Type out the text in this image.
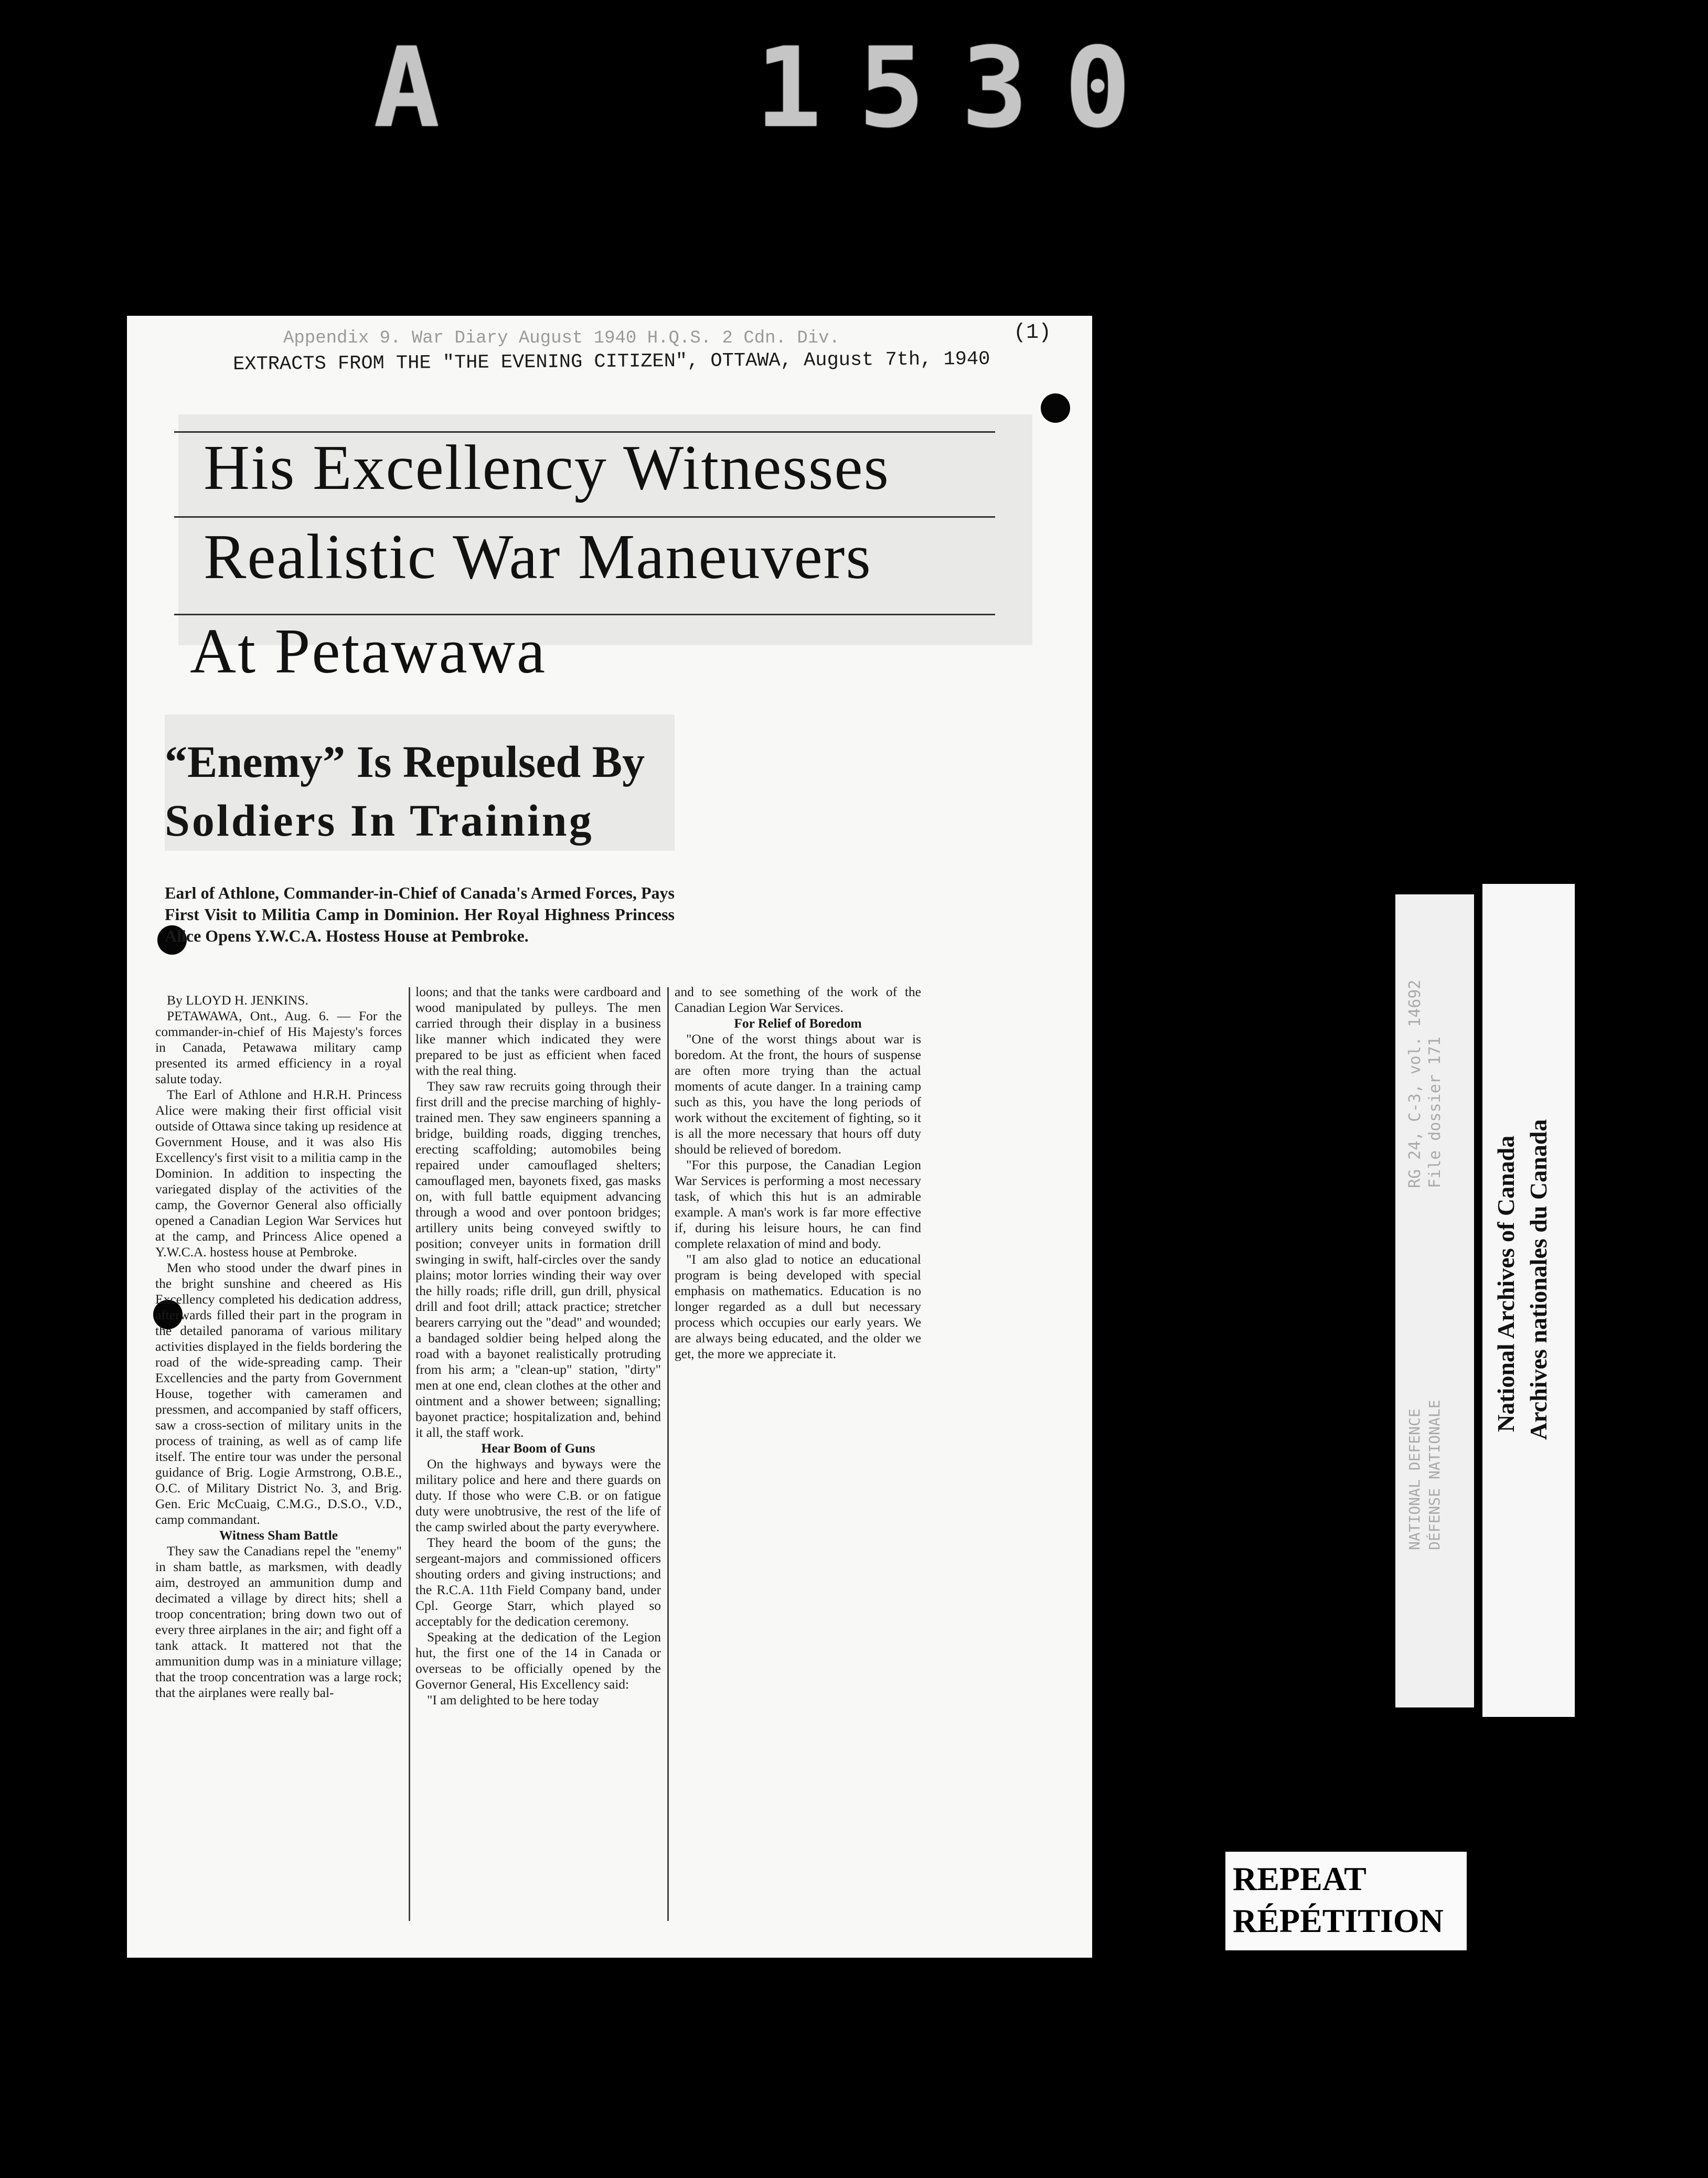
A	1530
Appendix 9. War Diary August 1940 H.Q.S. 2 Cdn. Div.	(1)
EXTRACTS FROM THE "THE EVENING CITIZEN", OTTAWA, August 7th, 1940
His Excellency Witnesses
Realistic War Maneuvers
At Petawawa
“Enemy” Is Repulsed By
Soldiers In Training
Earl of Athlone, Commander-in-Chief of Canada's Armed Forces, Pays First Visit to Militia Camp in Dominion. Her Royal Highness Princess Alice Opens Y.W.C.A. Hostess House at Pembroke.

By LLOYD H. JENKINS.

PETAWAWA, Ont., Aug. 6. — For the commander-in-chief of His Majesty's forces in Canada, Petawawa military camp presented its armed efficiency in a royal salute today.

The Earl of Athlone and H.R.H. Princess Alice were making their first official visit outside of Ottawa since taking up residence at Government House, and it was also His Excellency's first visit to a militia camp in the Dominion. In addition to inspecting the variegated display of the activities of the camp, the Governor General also officially opened a Canadian Legion War Services hut at the camp, and Princess Alice opened a Y.W.C.A. hostess house at Pembroke.

Men who stood under the dwarf pines in the bright sunshine and cheered as His Excellency completed his dedication address, afterwards filled their part in the program in the detailed panorama of various military activities displayed in the fields bordering the road of the wide-spreading camp. Their Excellencies and the party from Government House, together with cameramen and pressmen, and accompanied by staff officers, saw a cross-section of military units in the process of training, as well as of camp life itself. The entire tour was under the personal guidance of Brig. Logie Armstrong, O.B.E., O.C. of Military District No. 3, and Brig. Gen. Eric McCuaig, C.M.G., D.S.O., V.D., camp commandant.

Witness Sham Battle

They saw the Canadians repel the "enemy" in sham battle, as marksmen, with deadly aim, destroyed an ammunition dump and decimated a village by direct hits; shell a troop concentration; bring down two out of every three airplanes in the air; and fight off a tank attack. It mattered not that the ammunition dump was in a miniature village; that the troop concentration was a large rock; that the airplanes were really bal-

loons; and that the tanks were cardboard and wood manipulated by pulleys. The men carried through their display in a business like manner which indicated they were prepared to be just as efficient when faced with the real thing.

They saw raw recruits going through their first drill and the precise marching of highly-trained men. They saw engineers spanning a bridge, building roads, digging trenches, erecting scaffolding; automobiles being repaired under camouflaged shelters; camouflaged men, bayonets fixed, gas masks on, with full battle equipment advancing through a wood and over pontoon bridges; artillery units being conveyed swiftly to position; conveyer units in formation drill swinging in swift, half-circles over the sandy plains; motor lorries winding their way over the hilly roads; rifle drill, gun drill, physical drill and foot drill; attack practice; stretcher bearers carrying out the "dead" and wounded; a bandaged soldier being helped along the road with a bayonet realistically protruding from his arm; a "clean-up" station, "dirty" men at one end, clean clothes at the other and ointment and a shower between; signalling; bayonet practice; hospitalization and, behind it all, the staff work.

Hear Boom of Guns

On the highways and byways were the military police and here and there guards on duty. If those who were C.B. or on fatigue duty were unobtrusive, the rest of the life of the camp swirled about the party everywhere.

They heard the boom of the guns; the sergeant-majors and commissioned officers shouting orders and giving instructions; and the R.C.A. 11th Field Company band, under Cpl. George Starr, which played so acceptably for the dedication ceremony.

Speaking at the dedication of the Legion hut, the first one of the 14 in Canada or overseas to be officially opened by the Governor General, His Excellency said:

"I am delighted to be here today

and to see something of the work of the Canadian Legion War Services.

For Relief of Boredom

"One of the worst things about war is boredom. At the front, the hours of suspense are often more trying than the actual moments of acute danger. In a training camp such as this, you have the long periods of work without the excitement of fighting, so it is all the more necessary that hours off duty should be relieved of boredom.

"For this purpose, the Canadian Legion War Services is performing a most necessary task, of which this hut is an admirable example. A man's work is far more effective if, during his leisure hours, he can find complete relaxation of mind and body.

"I am also glad to notice an educational program is being developed with special emphasis on mathematics. Education is no longer regarded as a dull but necessary process which occupies our early years. We are always being educated, and the older we get, the more we appreciate it.

RG 24, C-3, vol. 14692 File dossier 171
NATIONAL DEFENCE DÉFENSE NATIONALE
National Archives of Canada Archives nationales du Canada
REPEAT
RÉPÉTITION
